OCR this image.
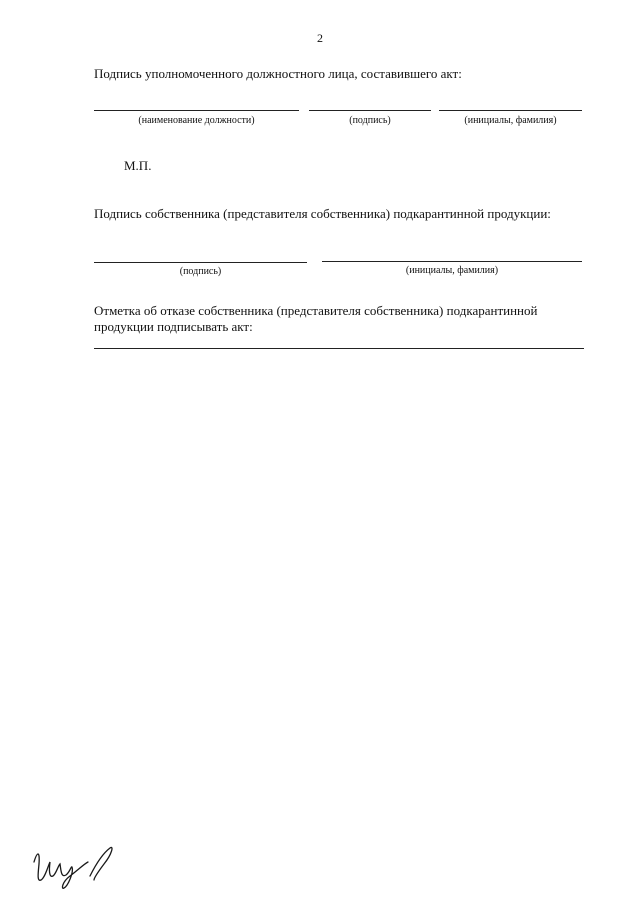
2
Подпись уполномоченного должностного лица, составившего акт:
(наименование должности)	(подпись)	(инициалы, фамилия)
М.П.
Подпись собственника (представителя собственника) подкарантинной продукции:
(подпись)	(инициалы, фамилия)
Отметка об отказе собственника (представителя собственника) подкарантинной
продукции подписывать акт:
